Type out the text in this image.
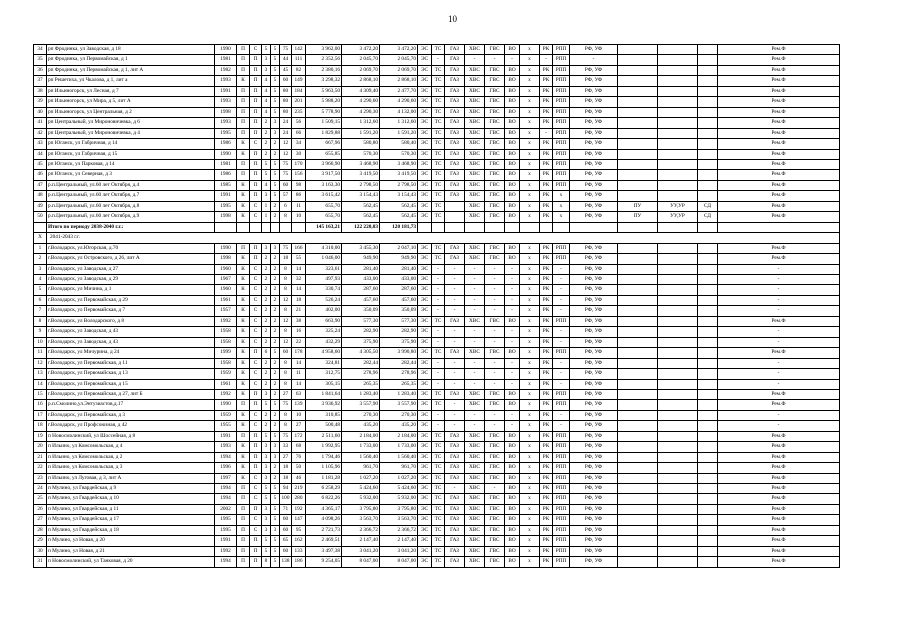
10
34	рп Фродинка, ул Заводская, д 18	1990	П	С	5	5	75	142	3 962,00	3 472,20	3 472,20	ЭС	ТС	ГАЗ	ХВС	ГВС	ВО	х	РК	РПП	РФ, УФ				Рем.Ф
35	рп Фродинка, ул Первомайская, д 1	1981	П	П	3	5	44	111	2 352,56	2 045,70	2 045,70	ЭС	-	ГАЗ	-	-	-	х	-	РПП	-				Рем.Ф
36	рп Фродинка, ул Первомайская, д 1, лит А	1982	П	П	3	5	45	82	2 380,16	2 069,70	2 069,70	ЭС	ТС	ГАЗ	ХВС	ГВС	ВО	х	РК	РПП	РФ, УФ				Рем.Ф
37	рп Решетиха, ул Чкалова, д 1, лит а	1993	К	П	4	5	60	149	3 298,32	2 868,10	2 868,10	ЭС	ТС	ГАЗ	ХВС	ГВС	ВО	х	РК	РПП	РФ, УФ				Рем.Ф
38	рп Ильиногорск, ул Лесная, д 7	1991	П	П	4	5	80	184	5 963,50	4 309,40	2 477,70	ЭС	ТС	ГАЗ	ХВС	ГВС	ВО	х	РК	РПП	РФ, УФ				Рем.Ф
39	рп Ильиногорск, ул Мира, д 5, лит А	1993	П	П	4	5	80	201	5 988,20	4 290,60	4 290,60	ЭС	ТС	ГАЗ	ХВС	ГВС	ВО	х	РК	РПП	РФ, УФ				Рем.Ф
40	рп Ильиногорск, ул Центральная, д 2	1998	П	П	4	5	80	235	5 778,90	4 290,30	4 132,00	ЭС	ТС	ГАЗ	ХВС	ГВС	ВО	х	РК	РПП	РФ, УФ				Рем.Ф
41	рп Центральный, ул Мироновичевка, д 6	1993	П	П	2	3	24	56	1 509,15	1 312,60	1 312,60	ЭС	ТС	ГАЗ	ХВС	ГВС	ВО	х	РК	РПП	РФ, УФ				Рем.Ф
42	рп Центральный, ул Мироновичевка, д 4	1995	П	П	2	3	24	66	1 829,88	1 591,20	1 591,20	ЭС	ТС	ГАЗ	ХВС	ГВС	ВО	х	-	РПП	РФ, УФ				Рем.Ф
43	рп Юганск, ул Габричная, д 14	1986	К	С	2	2	12	34	667,96	580,80	580,40	ЭС	ТС	ГАЗ	ХВС	ГВС	ВО	х	РК	РПП	РФ, УФ				Рем.Ф
44	рп Юганск, ул Габричная, д 15	1990	К	П	2	2	12	30	655,85	570,30	570,30	ЭС	ТС	ГАЗ	ХВС	ГВС	ВО	х	РК	РПП	РФ, УФ				Рем.Ф
45	рп Юганск, ул Парковая, д 14	1981	П	П	5	5	75	170	3 966,90	3 468,90	3 468,90	ЭС	ТС	ГАЗ	ХВС	ГВС	ВО	х	РК	РПП	РФ, УФ				Рем.Ф
46	рп Юганск, ул Северная, д 3	1986	П	П	5	5	75	156	3 917,50	3 419,50	3 419,50	ЭС	ТС	ГАЗ	ХВС	ГВС	ВО	х	РК	РПП	РФ, УФ				Рем.Ф
47	р.п.Центральный, ул.60 лет Октября, д.4	1985	К	П	4	5	60	98	3 163,30	2 798,50	2 798,50	ЭС	ТС	ГАЗ	ХВС	ГВС	ВО	х	РК	РПП	РФ, УФ				Рем.Ф
48	р.п.Центральный, ул.60 лет Октября, д.7	1991	К	П	3	5	57	86	3 615,42	3 154,43	3 154,43	ЭС	ТС	ГАЗ	ХВС	ГВС	ВО	х	РК	х	РФ, УФ				Рем.Ф
49	р.п.Центральный, ул.60 лет Октября, д.8	1995	К	С	1	2	6	11	655,70	562,45	562,45	ЭС	ТС		ХВС	ГВС	ВО	х	РК	х	РФ, УФ	ПУ	УУ,УР	СД	Рем.Ф
50	р.п.Центральный, ул.60 лет Октября, д.9	1998	К	С	1	2	8	10	655,70	562,45	562,45	ЭС	ТС		ХВС	ГВС	ВО	х	РК	х	РФ, УФ	ПУ	УУ,УР	СД	Рем.Ф
	Итого по периоду 2038-2040 г.г.:								145 163,21	122 220,83	120 181,73														
X	2041-2043 г.г.																								
1	г.Володарск, ул.Югорская, д.70	1990	П	П	3	3	75	166	4 310,00	3 455,30	2 047,10	ЭС	ТС	ГАЗ	ХВС	ГВС	ВО	х	РК	РПП	РФ, УФ				Рем.Ф
2	г.Володарск, ул Островского, д 26, лит А	1998	К	П	2	2	18	55	1 046,00	949,90	949,90	ЭС	ТС	ГАЗ	ХВС	ГВС	ВО	х	РК	РПП	РФ, УФ				Рем.Ф
3	г.Володарск, ул Заводская, д 27	1960	К	С	2	2	8	14	323,61	281,40	281,40	ЭС	-	-	-	-	-	х	РК	-	РФ, УФ				-
4	г.Володарск, ул Заводская, д 29	1967	К	С	2	2	8	32	497,93	433,00	433,00	ЭС	-	-	-	-	-	х	РК	-	РФ, УФ				-
5	г.Володарск, ул Мичина, д 1	1960	К	С	2	2	8	14	330,74	287,60	287,60	ЭС	-	-	-	-	-	х	РК	-	РФ, УФ				-
6	г.Володарск, ул Первомайская, д 29	1961	К	С	2	2	12	18	526,24	457,60	457,60	ЭС	-	-	-	-	-	х	РК	-	РФ, УФ				-
7	г.Володарск, ул Первомайская, д 7	1957	К	С	2	2	8	21	402,00	350,09	350,09	ЭС	-	-	-	-	-	х	РК	-	РФ, УФ				-
8	г.Володарск, ул Володарского, д 8	1992	К	С	2	2	12	38	663,90	577,30	577,30	ЭС	ТС	ГАЗ	ХВС	ГВС	ВО	х	РК	РПП	РФ, УФ				Рем.Ф
9	г.Володарск, ул Заводская, д 43	1958	К	С	2	2	8	16	325,24	282,90	282,90	ЭС	-	-	-	-	-	х	РК	-	РФ, УФ				-
10	г.Володарск, ул Заводская, д 43	1958	К	С	2	2	12	22	432,29	375,90	375,90	ЭС	-	-	-	-	-	х	РК	-	РФ, УФ				-
11	г.Володарск, ул Мичурина, д 24	1999	К	П	6	5	60	178	4 958,60	4 305,50	3 990,80	ЭС	ТС	ГАЗ	ХВС	ГВС	ВО	х	РК	РПП	РФ, УФ				Рем.Ф
12	г.Володарск, ул Первомайская, д 11	1958	К	С	2	2	8	14	324,81	282,44	282,44	ЭС	-	-	-	-	-	х	РК	-	РФ, УФ				-
13	г.Володарск, ул Первомайская, д 13	1959	К	С	2	2	8	11	312,75	278,96	278,96	ЭС	-	-	-	-	-	х	РК	-	РФ, УФ				-
14	г.Володарск, ул Первомайская, д 15	1961	К	С	2	2	8	14	305,15	265,35	265,35	ЭС	-	-	-	-	-	х	РК	-	РФ, УФ				-
15	г.Володарск, ул Первомайская, д 27, лит Б	1992	К	П	3	2	27	63	1 841,64	1 283,40	1 283,40	ЭС	ТС	ГАЗ	ХВС	ГВС	ВО	х	РК	РПП	РФ, УФ				Рем.Ф
16	р.п.Смолино,ул.Энтузиастов,д.17	1990	П	П	5	5	75	139	3 936,92	3 557,90	3 557,90	ЭС	ТС	-	ХВС	ГВС	ВО	х	РК	РПП	РФ, УФ				Рем.Ф
17	г.Володарск, ул Первомайская, д 3	1959	К	С	2	2	8	10	310,85	270,30	270,30	ЭС	-	-	-	-	-	х	РК	-	РФ, УФ				-
18	г.Володарск, ул Профсоюзная, д 42	1955	К	С	2	2	8	27	500,48	435,20	435,20	ЭС	-	-	-	-	-	х	РК	-	РФ, УФ				-
19	п Новосмолинский, ул Шоссейная, д 8	1991	П	П	5	5	75	172	2 511,60	2 184,00	2 184,00	ЭС	ТС	ГАЗ	ХВС	ГВС	ВО	х	РК	РПП	РФ, УФ				Рем.Ф
20	п Ильино, ул Комсомольская, д 4	1993	К	П	3	3	33	68	1 992,95	1 733,00	1 733,00	ЭС	ТС	ГАЗ	ХВС	ГВС	ВО	х	РК	РПП	РФ, УФ				Рем.Ф
21	п Ильино, ул Комсомольская, д 2	1994	К	П	3	3	27	76	1 794,46	1 560,40	1 560,40	ЭС	ТС	ГАЗ	ХВС	ГВС	ВО	х	РК	РПП	РФ, УФ				Рем.Ф
22	п Ильино, ул Комсомольская, д 3	1996	К	П	3	2	18	50	1 105,96	961,70	961,70	ЭС	ТС	ГАЗ	ХВС	ГВС	ВО	х	РК	РПП	РФ, УФ				Рем.Ф
23	п Ильино, ул Луговая, д 3, лит А	1997	К	С	3	2	18	46	1 181,28	1 027,20	1 027,20	ЭС	ТС	ГАЗ	ХВС	ГВС	ВО	х	РК	РПП	РФ, УФ				Рем.Ф
24	п Мулино, ул Гвардейская, д 9	1994	П	С	5	5	94	219	6 258,29	5 424,60	5 424,60	ЭС	ТС	-	ХВС	-	ВО	х	РК	РПП	РФ, УФ				Рем.Ф
25	п Мулино, ул Гвардейская, д 10	1994	П	С	5	5	100	280	6 822,26	5 932,00	5 932,00	ЭС	ТС	ГАЗ	ХВС	ГВС	ВО	х	РК	РПП	РФ, УФ				Рем.Ф
26	п Мулино, ул Гвардейская, д 11	2002	П	П	3	5	71	192	4 365,17	3 795,80	3 795,80	ЭС	ТС	ГАЗ	ХВС	ГВС	ВО	х	РК	РПП	РФ, УФ				Рем.Ф
27	п Мулино, ул Гвардейская, д 17	1995	П	С	3	5	60	147	4 098,26	3 563,70	3 563,70	ЭС	ТС	ГАЗ	ХВС	ГВС	ВО	х	РК	РПП	РФ, УФ				Рем.Ф
28	п Мулино, ул Гвардейская, д 18	1995	П	С	3	3	60	95	2 721,73	2 366,72	2 366,72	ЭС	ТС	ГАЗ	ХВС	ГВС	ВО	х	РК	РПП	РФ, УФ				Рем.Ф
29	п Мулино, ул Новая, д 20	1991	П	П	5	5	65	162	2 469,51	2 147,40	2 147,40	ЭС	ТС	ГАЗ	ХВС	ГВС	ВО	х	РК	РПП	РФ, УФ				Рем.Ф
30	п Мулино, ул Новая, д 21	1992	П	П	5	5	60	133	3 497,38	3 041,20	3 041,20	ЭС	ТС	ГАЗ	ХВС	ГВС	ВО	х	РК	РПП	РФ, УФ				Рем.Ф
31	п Новосмолинский, ул Танковая, д 20	1994	П	П	8	5	138	186	9 254,05	8 047,00	8 047,00	ЭС	ТС	ГАЗ	ХВС	ГВС	ВО	х	РК	РПП	РФ, УФ				Рем.Ф
